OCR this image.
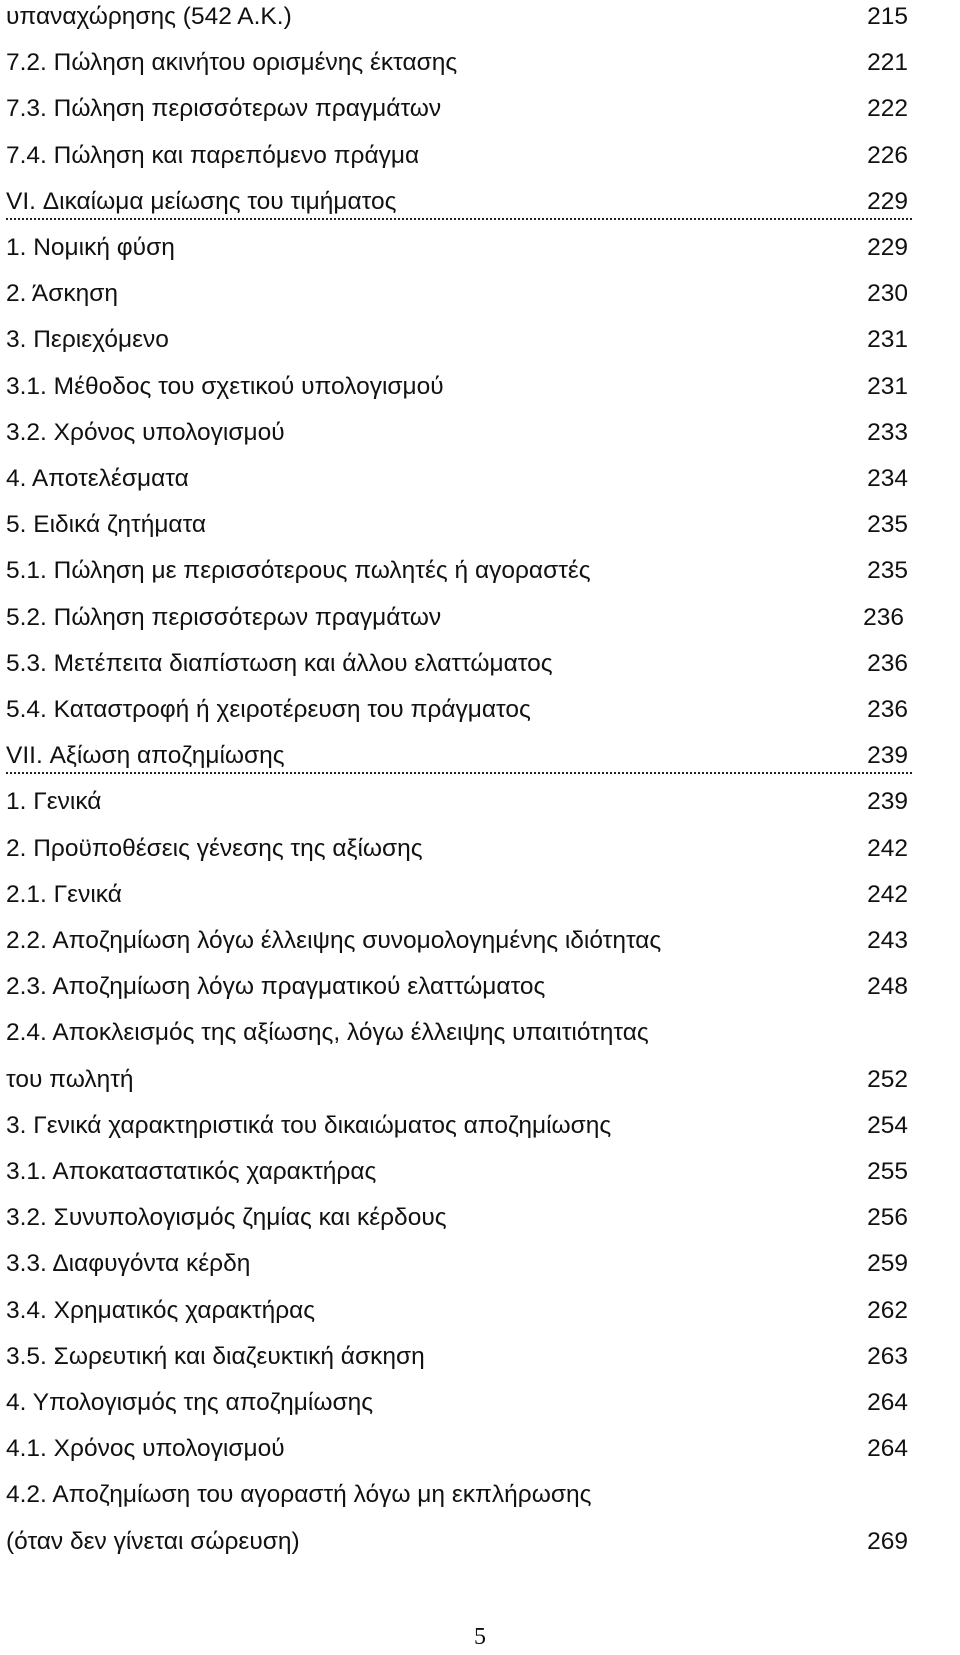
υπαναχώρησης (542 Α.Κ.)	215
7.2. Πώληση ακινήτου ορισμένης έκτασης	221
7.3. Πώληση περισσότερων πραγμάτων	222
7.4. Πώληση και παρεπόμενο πράγμα	226
VI. Δικαίωμα μείωσης του τιμήματος	229
1. Νομική φύση	229
2. Άσκηση	230
3. Περιεχόμενο	231
3.1. Μέθοδος του σχετικού υπολογισμού	231
3.2. Χρόνος υπολογισμού	233
4. Αποτελέσματα	234
5. Ειδικά ζητήματα	235
5.1. Πώληση με περισσότερους πωλητές ή αγοραστές	235
5.2. Πώληση περισσότερων πραγμάτων	236
5.3. Μετέπειτα διαπίστωση και άλλου ελαττώματος	236
5.4. Καταστροφή ή χειροτέρευση του πράγματος	236
VII. Αξίωση αποζημίωσης	239
1. Γενικά	239
2. Προϋποθέσεις γένεσης της αξίωσης	242
2.1. Γενικά	242
2.2. Αποζημίωση λόγω έλλειψης συνομολογημένης ιδιότητας	243
2.3. Αποζημίωση λόγω πραγματικού ελαττώματος	248
2.4. Αποκλεισμός της αξίωσης, λόγω έλλειψης υπαιτιότητας
του πωλητή	252
3. Γενικά χαρακτηριστικά του δικαιώματος αποζημίωσης	254
3.1. Αποκαταστατικός χαρακτήρας	255
3.2. Συνυπολογισμός ζημίας και κέρδους	256
3.3. Διαφυγόντα κέρδη	259
3.4. Χρηματικός χαρακτήρας	262
3.5. Σωρευτική και διαζευκτική άσκηση	263
4. Υπολογισμός της αποζημίωσης	264
4.1. Χρόνος υπολογισμού	264
4.2. Αποζημίωση του αγοραστή λόγω μη εκπλήρωσης
(όταν δεν γίνεται σώρευση)	269
5
